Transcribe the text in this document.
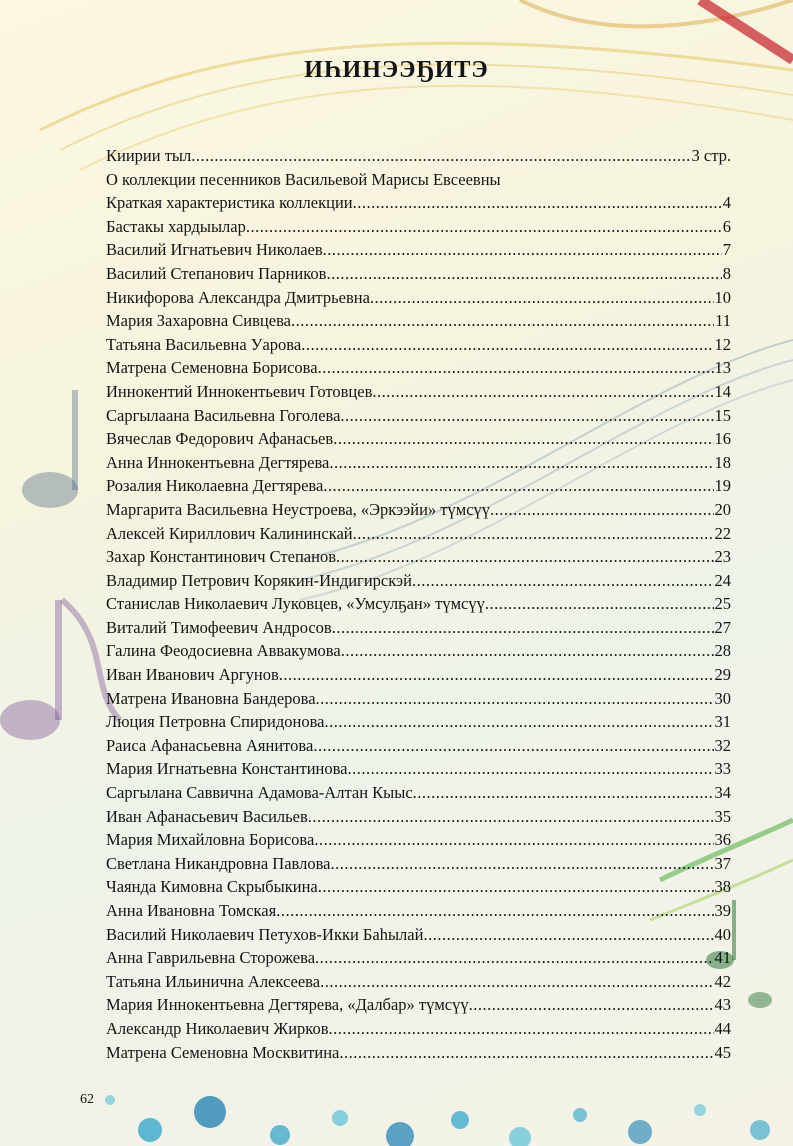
ИҺИНЭЭҔИТЭ
Киирии тыл .....	3 стр.
О коллекции песенников Васильевой Марисы Евсеевны
Краткая характеристика коллекции .....	4
Бастакы хардыылар .....	6
Василий Игнатьевич Николаев .....	7
Василий Степанович Парников .....	8
Никифорова Александра Дмитрьевна .....	10
Мария Захаровна Сивцева .....	11
Татьяна Васильевна Уарова .....	12
Матрена Семеновна Борисова .....	13
Иннокентий Иннокентьевич Готовцев .....	14
Саргылаана Васильевна Гоголева .....	15
Вячеслав Федорович Афанасьев .....	16
Анна Иннокентьевна Дегтярева .....	18
Розалия Николаевна Дегтярева .....	19
Маргарита Васильевна Неустроева, «Эркээйи» түмсүү .....	20
Алексей Кириллович Калининскай .....	22
Захар Константинович Степанов .....	23
Владимир Петрович Корякин-Индигирскэй .....	24
Станислав Николаевич Луковцев, «Умсулҕан» түмсүү .....	25
Виталий Тимофеевич Андросов .....	27
Галина Феодосиевна Аввакумова .....	28
Иван Иванович Аргунов .....	29
Матрена Ивановна Бандерова .....	30
Люция Петровна Спиридонова .....	31
Раиса Афанасьевна Аянитова .....	32
Мария Игнатьевна Константинова .....	33
Саргылана Саввична Адамова-Алтан Кыыс .....	34
Иван Афанасьевич Васильев .....	35
Мария Михайловна Борисова .....	36
Светлана Никандровна Павлова .....	37
Чаянда Кимовна Скрыбыкина .....	38
Анна Ивановна Томская .....	39
Василий Николаевич Петухов-Икки Баһылай .....	40
Анна Гаврильевна Сторожева .....	41
Татьяна Ильинична Алексеева .....	42
Мария Иннокентьевна Дегтярева, «Далбар» түмсүү .....	43
Александр Николаевич Жирков .....	44
Матрена Семеновна Москвитина .....	45
62
